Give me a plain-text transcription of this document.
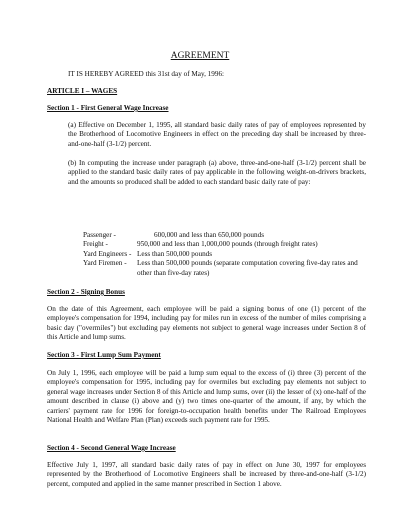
AGREEMENT
IT IS HEREBY AGREED this 31st day of May, 1996:
ARTICLE I – WAGES
Section 1 - First General Wage Increase
(a) Effective on December 1, 1995, all standard basic daily rates of pay of employees represented by the Brotherhood of Locomotive Engineers in effect on the preceding day shall be increased by three-and-one-half (3-1/2) percent.
(b) In computing the increase under paragraph (a) above, three-and-one-half (3-1/2) percent shall be applied to the standard basic daily rates of pay applicable in the following weight-on-drivers brackets, and the amounts so produced shall be added to each standard basic daily rate of pay:
Passenger -	600,000 and less than 650,000 pounds
Freight -	950,000 and less than 1,000,000 pounds (through freight rates)
Yard Engineers - Less than 500,000 pounds
Yard Firemen -	Less than 500,000 pounds (separate computation covering five-day rates and other than five-day rates)
Section 2 - Signing Bonus
On the date of this Agreement, each employee will be paid a signing bonus of one (1) percent of the employee's compensation for 1994, including pay for miles run in excess of the number of miles comprising a basic day ("overmiles") but excluding pay elements not subject to general wage increases under Section 8 of this Article and lump sums.
Section 3 - First Lump Sum Payment
On July 1, 1996, each employee will be paid a lump sum equal to the excess of (i) three (3) percent of the employee's compensation for 1995, including pay for overmiles but excluding pay elements not subject to general wage increases under Section 8 of this Article and lump sums, over (ii) the lesser of (x) one-half of the amount described in clause (i) above and (y) two times one-quarter of the amount, if any, by which the carriers' payment rate for 1996 for foreign-to-occupation health benefits under The Railroad Employees National Health and Welfare Plan (Plan) exceeds such payment rate for 1995.
Section 4 - Second General Wage Increase
Effective July 1, 1997, all standard basic daily rates of pay in effect on June 30, 1997 for employees represented by the Brotherhood of Locomotive Engineers shall be increased by three-and-one-half (3-1/2) percent, computed and applied in the same manner prescribed in Section 1 above.
